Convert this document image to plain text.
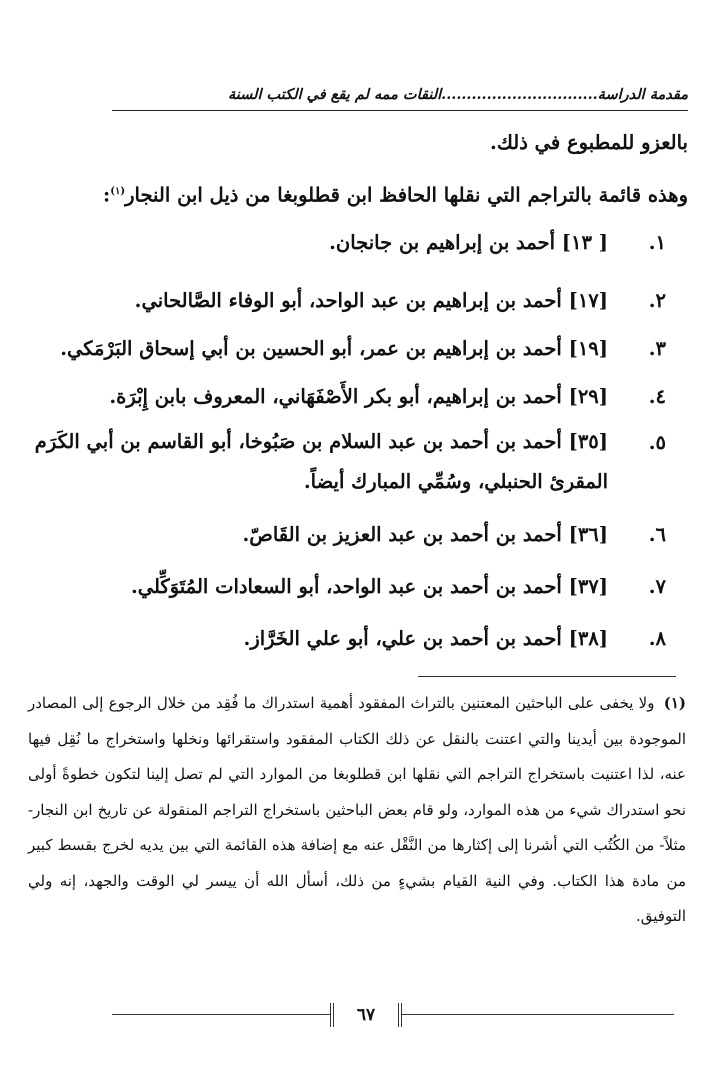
مقدمة الدراسة...............................النقات ممه لم يقع في الكتب السنة
بالعزو للمطبوع في ذلك.
وهذه قائمة بالتراجم التي نقلها الحافظ ابن قطلوبغا من ذيل ابن النجار$^{(١)}$:
١.
[ ١٣] أحمد بن إبراهيم بن جانجان.
٢.
[١٧] أحمد بن إبراهيم بن عبد الواحد، أبو الوفاء الصَّالحاني.
٣.
[١٩] أحمد بن إبراهيم بن عمر، أبو الحسين بن أبي إسحاق البَرْمَكي.
٤.
[٢٩] أحمد بن إبراهيم، أبو بكر الأَصْفَهَاني، المعروف بابن إِبْرَة.
٥.
[٣٥] أحمد بن أحمد بن عبد السلام بن صَبُوخا، أبو القاسم بن أبي الكَرَم المقرئ الحنبلي، وسُمِّي المبارك أيضاً.
٦.
[٣٦] أحمد بن أحمد بن عبد العزيز بن القَاصّ.
٧.
[٣٧] أحمد بن أحمد بن عبد الواحد، أبو السعادات المُتَوَكِّلي.
٨.
[٣٨] أحمد بن أحمد بن علي، أبو علي الخَرَّاز.
(١) ولا يخفى على الباحثين المعتنين بالتراث المفقود أهمية استدراك ما فُقِد من خلال الرجوع إلى المصادر الموجودة بين أيدينا والتي اعتنت بالنقل عن ذلك الكتاب المفقود واستقرائها ونخلها واستخراج ما نُقِل فيها عنه، لذا اعتنيت باستخراج التراجم التي نقلها ابن قطلوبغا من الموارد التي لم تصل إلينا لتكون خطوةً أولى نحو استدراك شيء من هذه الموارد، ولو قام بعض الباحثين باستخراج التراجم المنقولة عن تاريخ ابن النجار-مثلاً- من الكُتُب التي أشرنا إلى إكثارها من النَّقْل عنه مع إضافة هذه القائمة التي بين يديه لخرج بقسط كبير من مادة هذا الكتاب. وفي النية القيام بشيءٍ من ذلك، أسأل الله أن ييسر لي الوقت والجهد، إنه ولي التوفيق.
٦٧
